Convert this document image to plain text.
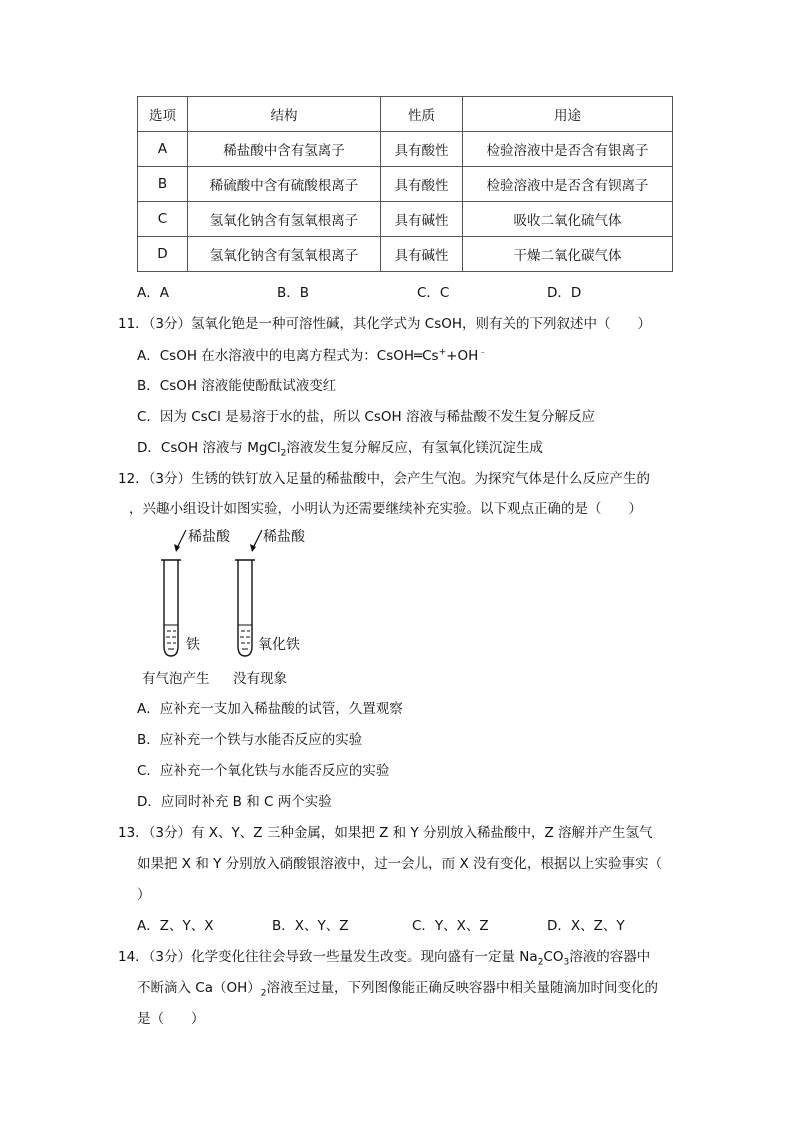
选项	结构	性质	用途
A	稀盐酸中含有氢离子	具有酸性	检验溶液中是否含有银离子
B	稀硫酸中含有硫酸根离子	具有酸性	检验溶液中是否含有钡离子
C	氢氧化钠含有氢氧根离子	具有碱性	吸收二氧化硫气体
D	氢氧化钠含有氢氧根离子	具有碱性	干燥二氧化碳气体
A．A	B．B	C．C	D．D
11．（3分）氢氧化铯是一种可溶性碱，其化学式为 CsOH，则有关的下列叙述中（　　）
A．CsOH 在水溶液中的电离方程式为：CsOH═Cs++OH﹣
B．CsOH 溶液能使酚酞试液变红
C．因为 CsCl 是易溶于水的盐，所以 CsOH 溶液与稀盐酸不发生复分解反应
D．CsOH 溶液与 MgCl$_2$溶液发生复分解反应，有氢氧化镁沉淀生成
12．（3分）生锈的铁钉放入足量的稀盐酸中，会产生气泡。为探究气体是什么反应产生的
，兴趣小组设计如图实验，小明认为还需要继续补充实验。以下观点正确的是（　　）
稀盐酸
铁
稀盐酸
氧化铁
有气泡产生 没有现象
A．应补充一支加入稀盐酸的试管，久置观察
B．应补充一个铁与水能否反应的实验
C．应补充一个氧化铁与水能否反应的实验
D．应同时补充 B 和 C 两个实验
13．（3分）有 X、Y、Z 三种金属，如果把 Z 和 Y 分别放入稀盐酸中，Z 溶解并产生氢气
如果把 X 和 Y 分别放入硝酸银溶液中，过一会儿，而 X 没有变化，根据以上实验事实（
）
A．Z、Y、X	B．X、Y、Z	C．Y、X、Z	D．X、Z、Y
14．（3分）化学变化往往会导致一些量发生改变。现向盛有一定量 $Na_2CO_3$溶液的容器中
不断滴入 $Ca(OH)_2$溶液至过量，下列图像能正确反映容器中相关量随滴加时间变化的
是（　　）
